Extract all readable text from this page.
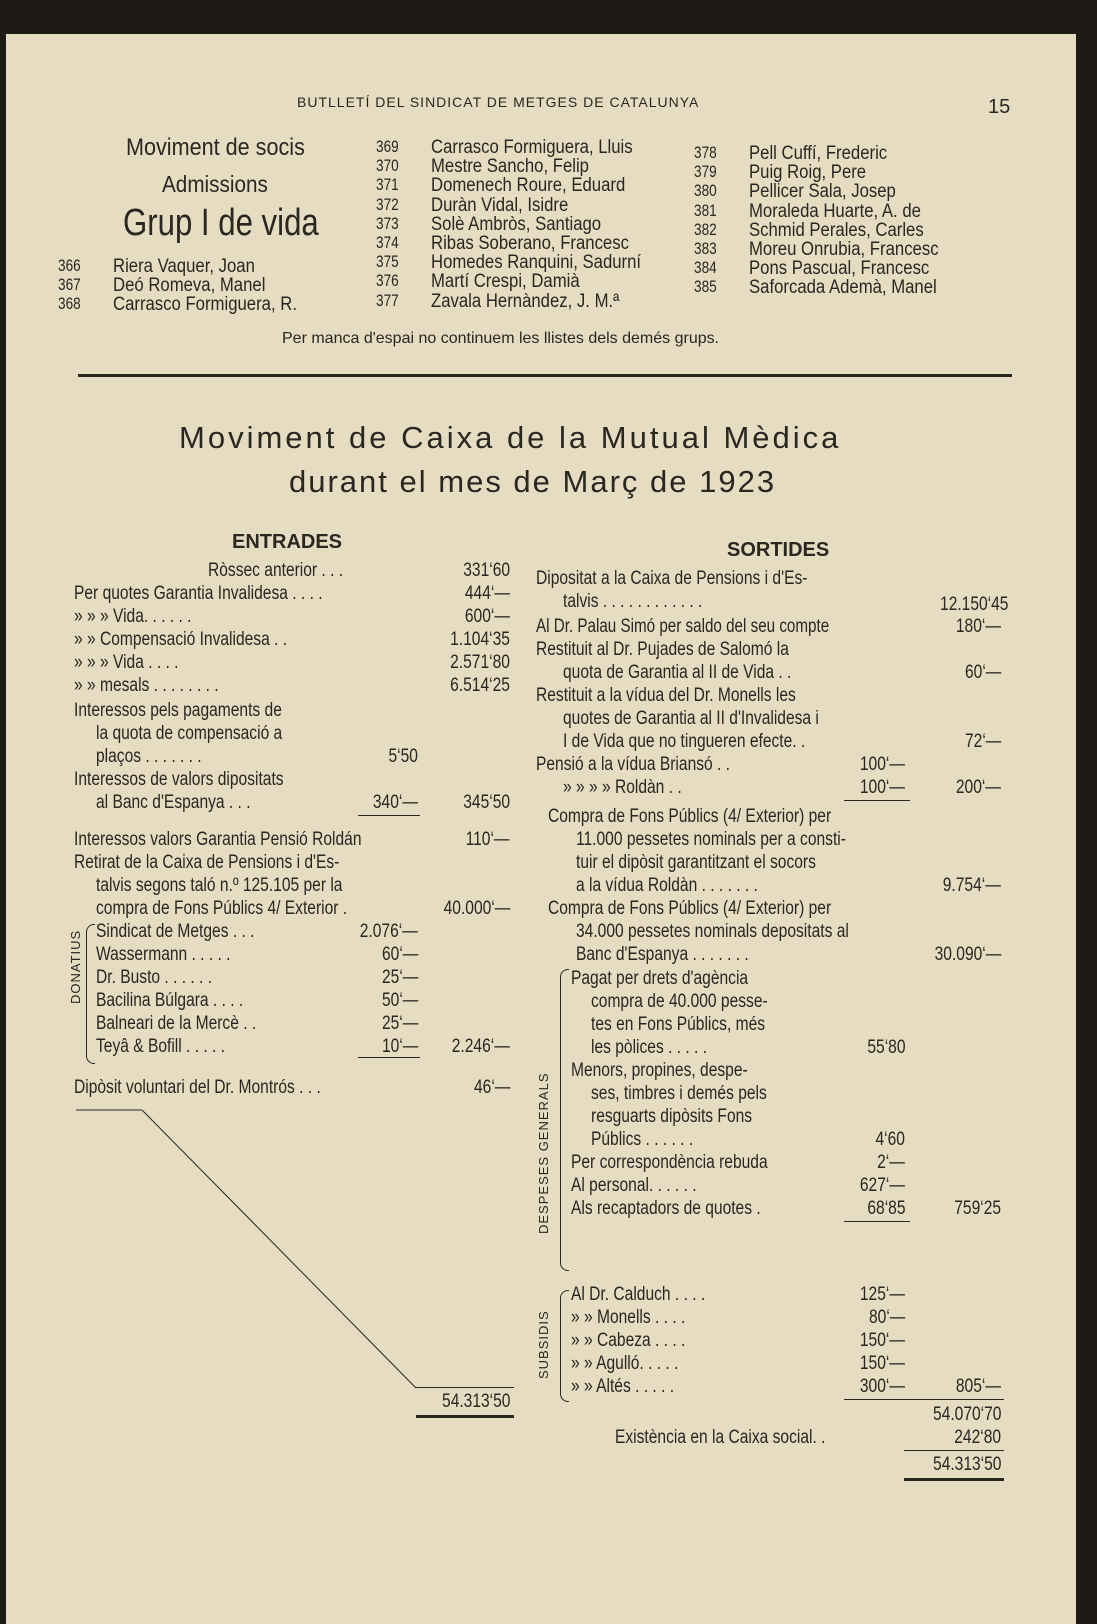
BUTLLETÍ DEL SINDICAT DE METGES DE CATALUNYA	15
Moviment de socis
Admissions
Grup I de vida
Per manca d'espai no continuem les llistes dels demés grups.
Moviment de Caixa de la Mutual Mèdica
durant el mes de Març de 1923
ENTRADES	SORTIDES
366 Riera Vaquer, Joan
367 Deó Romeva, Manel
368 Carrasco Formiguera, R.
369 Carrasco Formiguera, Lluis
370 Mestre Sancho, Felip
371 Domenech Roure, Eduard
372 Duràn Vidal, Isidre
373 Solè Ambròs, Santiago
374 Ribas Soberano, Francesc
375 Homedes Ranquini, Sadurní
376 Martí Crespi, Damià
377 Zavala Hernàndez, J. M.ª
378 Pell Cuffí, Frederic
379 Puig Roig, Pere
380 Pellicer Sala, Josep
381 Moraleda Huarte, A. de
382 Schmid Perales, Carles
383 Moreu Onrubia, Francesc
384 Pons Pascual, Francesc
385 Saforcada Ademà, Manel
Ròssec anterior . . .	331‘60
Per quotes Garantia Invalidesa . . . .	444‘—
» » » Vida. . . . . .	600‘—
» » Compensació Invalidesa . .	1.104‘35
» » » Vida . . . .	2.571‘80
» » mesals . . . . . . . .	6.514‘25
Interessos pels pagaments de
la quota de compensació a
plaços . . . . . . .	5‘50
Interessos de valors dipositats
al Banc d'Espanya . . .	340‘— 345‘50
Interessos valors Garantia Pensió Roldán	110‘—
Retirat de la Caixa de Pensions i d'Es-
talvis segons taló n.º 125.105 per la
compra de Fons Públics 4/ Exterior .	40.000‘—
DONATIUS Sindicat de Metges . . .	2.076‘—
Wassermann . . . . .	60‘—
Dr. Busto . . . . . .	25‘—
Bacilina Búlgara . . . .	50‘—
Balneari de la Mercè . .	25‘—
Teyâ & Bofill . . . . .	10‘— 2.246‘—
Dipòsit voluntari del Dr. Montrós . . .	46‘—
54.313‘50
Dipositat a la Caixa de Pensions i d'Es-
talvis . . . . . . . . . . . .	12.150‘45
Al Dr. Palau Simó per saldo del seu compte	180‘—
Restituit al Dr. Pujades de Salomó la
quota de Garantia al II de Vida . .	60‘—
Restituit a la vídua del Dr. Monells les
quotes de Garantia al II d'Invalidesa i
I de Vida que no tingueren efecte. .	72‘—
Pensió a la vídua Briansó . .	100‘—
» » » » Roldàn . .	100‘—	200‘—
Compra de Fons Públics (4/ Exterior) per
11.000 pessetes nominals per a consti-
tuir el dipòsit garantitzant el socors
a la vídua Roldàn . . . . . . .	9.754‘—
Compra de Fons Públics (4/ Exterior) per
34.000 pessetes nominals depositats al
Banc d'Espanya . . . . . . .	30.090‘—
DESPESES GENERALS
Pagat per drets d'agència
compra de 40.000 pesse-
tes en Fons Públics, més
les pòlices . . . . .	55‘80
Menors, propines, despe-
ses, timbres i demés pels
resguarts dipòsits Fons
Públics . . . . . .	4‘60
Per correspondència rebuda	2‘—
Al personal. . . . . .	627‘—
Als recaptadors de quotes .	68‘85	759‘25
SUBSIDIS
Al Dr. Calduch . . . .	125‘—
» » Monells . . . .	80‘—
» » Cabeza . . . .	150‘—
» » Agulló. . . . .	150‘—
» » Altés . . . . .	300‘—	805‘—
54.070‘70
Existència en la Caixa social. .	242‘80
54.313‘50
